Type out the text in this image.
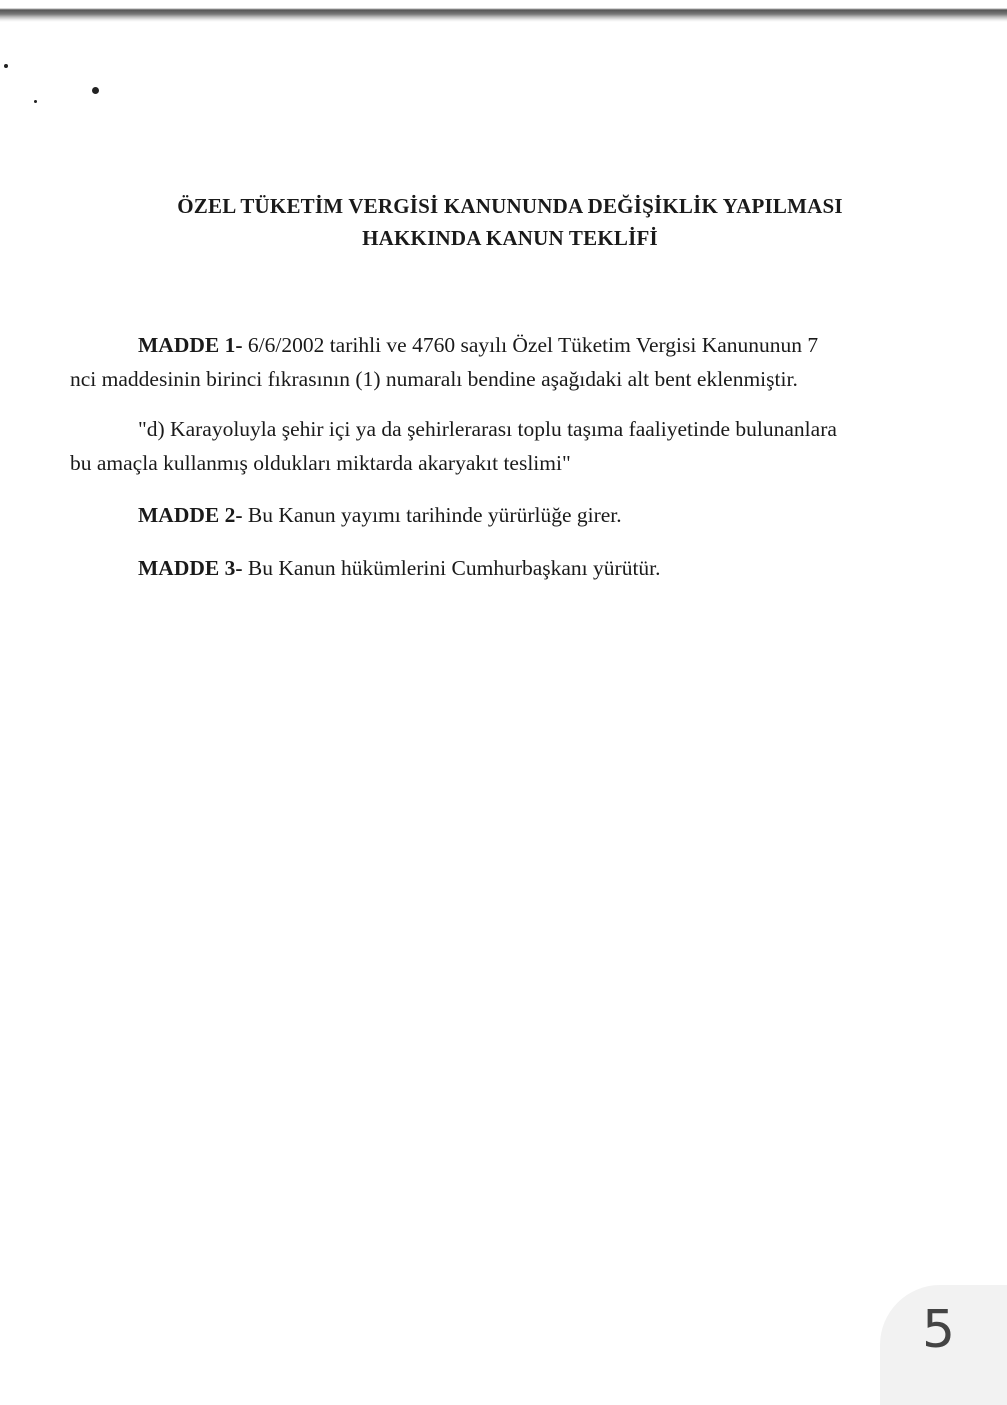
ÖZEL TÜKETİM VERGİSİ KANUNUNDA DEĞİŞİKLİK YAPILMASI
HAKKINDA KANUN TEKLİFİ
MADDE 1- 6/6/2002 tarihli ve 4760 sayılı Özel Tüketim Vergisi Kanununun 7
nci maddesinin birinci fıkrasının (1) numaralı bendine aşağıdaki alt bent eklenmiştir.
"d) Karayoluyla şehir içi ya da şehirlerarası toplu taşıma faaliyetinde bulunanlara
bu amaçla kullanmış oldukları miktarda akaryakıt teslimi"
MADDE 2- Bu Kanun yayımı tarihinde yürürlüğe girer.
MADDE 3- Bu Kanun hükümlerini Cumhurbaşkanı yürütür.
5
